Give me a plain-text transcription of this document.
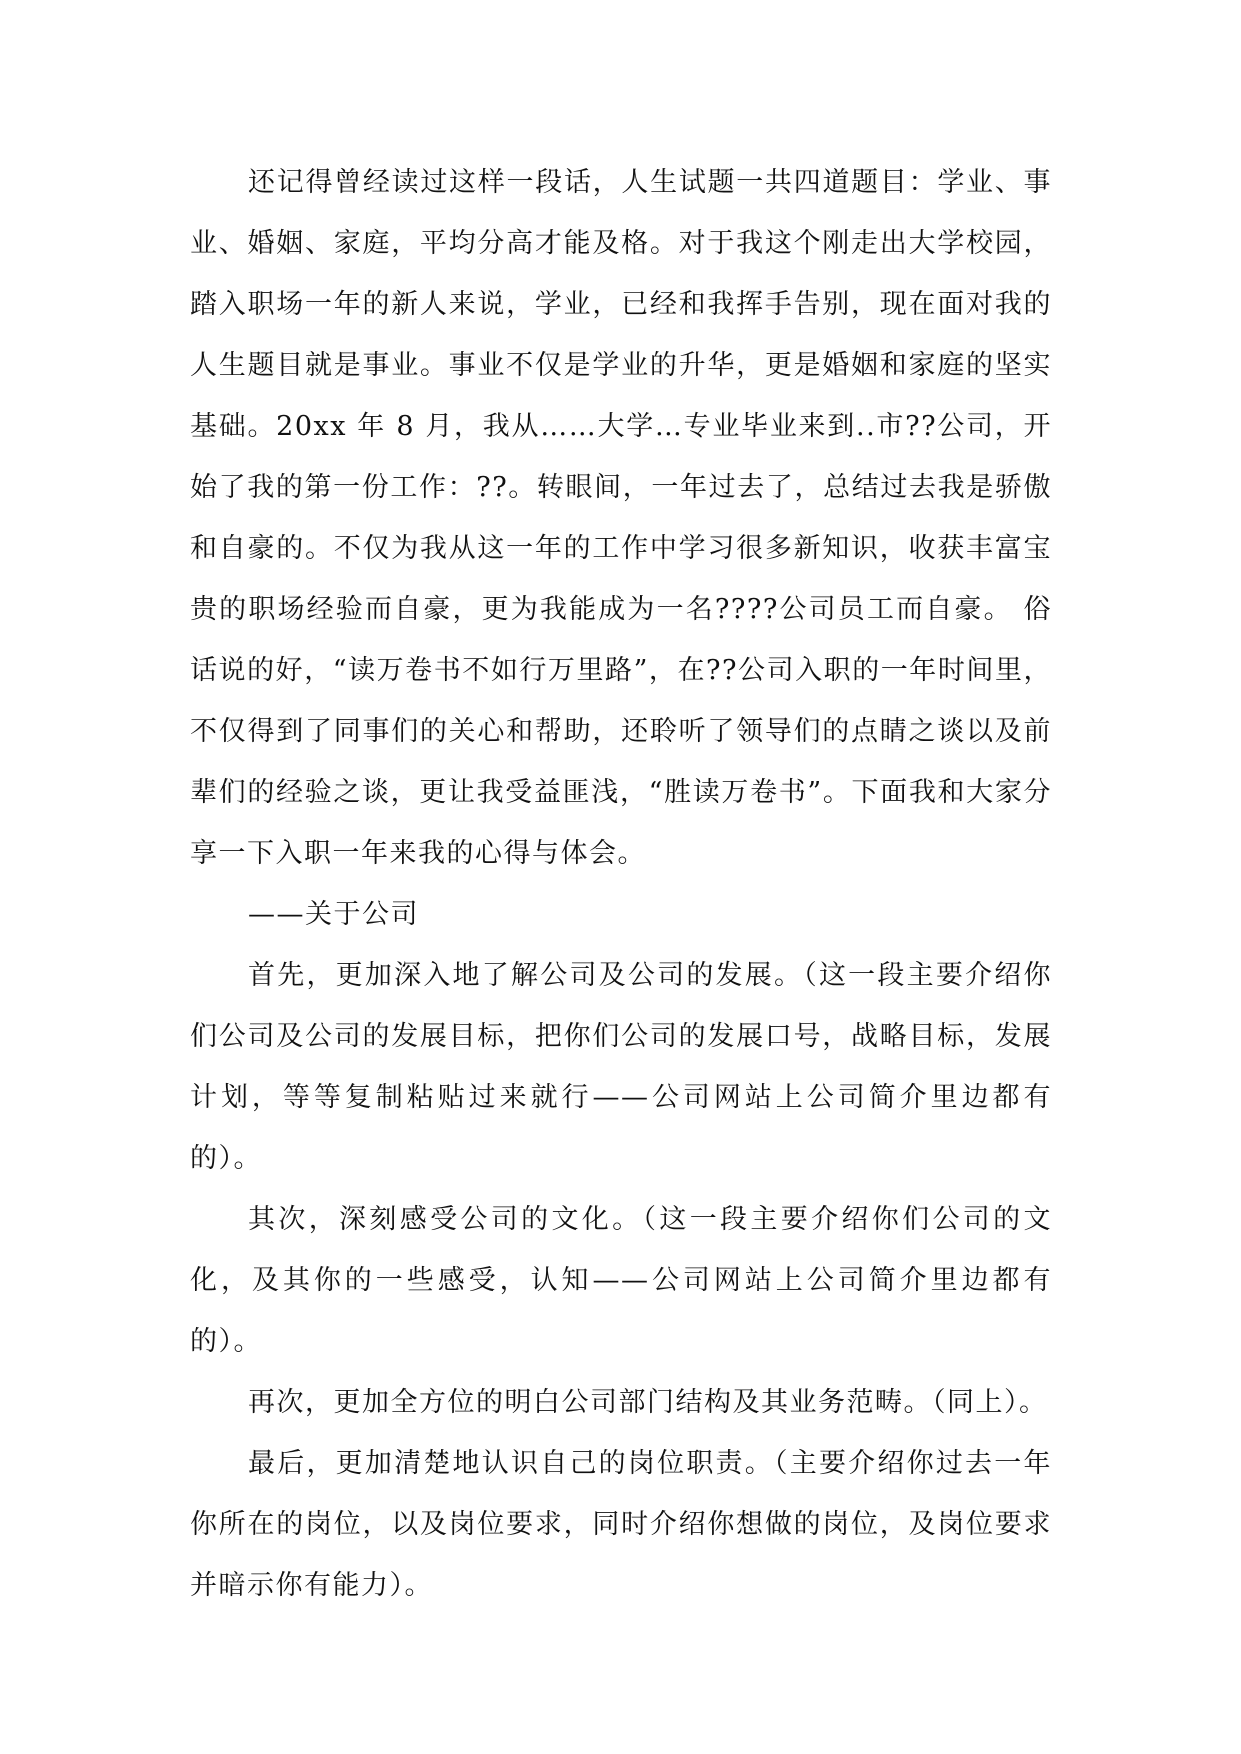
还记得曾经读过这样一段话，人生试题一共四道题目：学业、事业、婚姻、家庭，平均分高才能及格。对于我这个刚走出大学校园，踏入职场一年的新人来说，学业，已经和我挥手告别，现在面对我的人生题目就是事业。事业不仅是学业的升华，更是婚姻和家庭的坚实基础。20xx 年 8 月，我从……大学…专业毕业来到..市??公司，开始了我的第一份工作：??。转眼间，一年过去了，总结过去我是骄傲和自豪的。不仅为我从这一年的工作中学习很多新知识，收获丰富宝贵的职场经验而自豪，更为我能成为一名????公司员工而自豪。 俗话说的好，“读万卷书不如行万里路”，在??公司入职的一年时间里，不仅得到了同事们的关心和帮助，还聆听了领导们的点睛之谈以及前辈们的经验之谈，更让我受益匪浅，“胜读万卷书”。下面我和大家分享一下入职一年来我的心得与体会。

——关于公司

首先，更加深入地了解公司及公司的发展。（这一段主要介绍你们公司及公司的发展目标，把你们公司的发展口号，战略目标，发展计划，等等复制粘贴过来就行——公司网站上公司简介里边都有的）。

其次，深刻感受公司的文化。（这一段主要介绍你们公司的文化，及其你的一些感受，认知——公司网站上公司简介里边都有的）。

再次，更加全方位的明白公司部门结构及其业务范畴。（同上）。

最后，更加清楚地认识自己的岗位职责。（主要介绍你过去一年你所在的岗位，以及岗位要求，同时介绍你想做的岗位，及岗位要求并暗示你有能力）。
